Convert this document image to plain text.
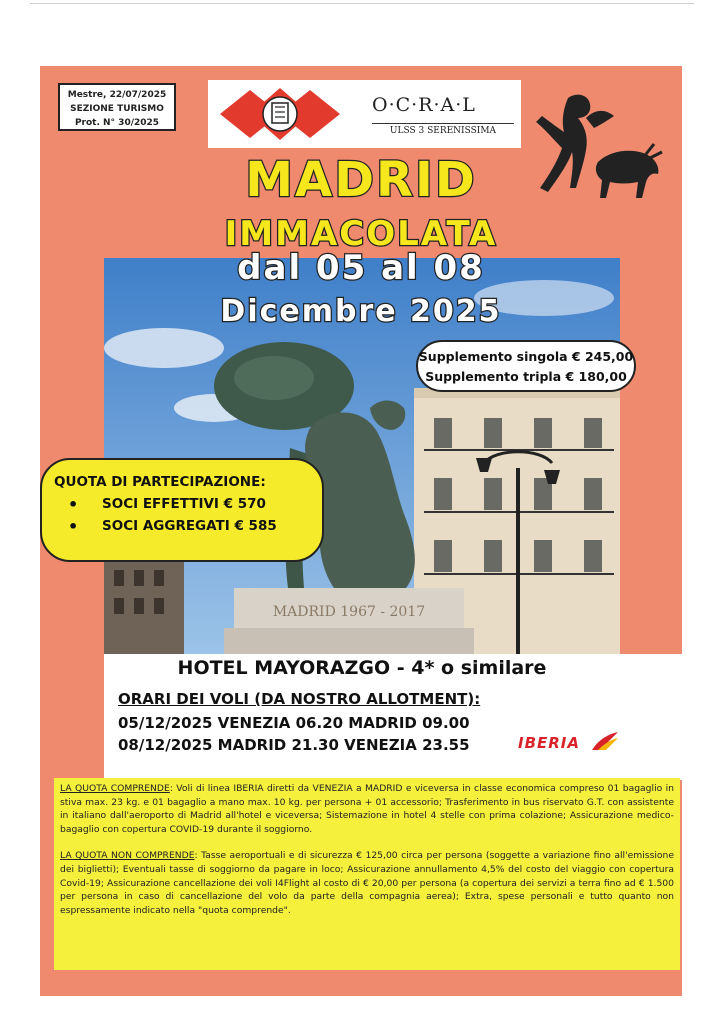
Mestre, 22/07/2025
SEZIONE TURISMO
Prot. N° 30/2025
O·C·R·A·L
ULSS 3 SERENISSIMA
MADRID 1967 - 2017
MADRID
IMMACOLATA
dal 05 al 08
Dicembre 2025
Supplemento singola € 245,00
Supplemento tripla € 180,00
QUOTA DI PARTECIPAZIONE:
• SOCI EFFETTIVI € 570
• SOCI AGGREGATI € 585
HOTEL MAYORAZGO - 4* o similare
ORARI DEI VOLI (DA NOSTRO ALLOTMENT):
05/12/2025 VENEZIA 06.20 MADRID 09.00
08/12/2025 MADRID 21.30 VENEZIA 23.55	IBERIA

LA QUOTA COMPRENDE: Voli di linea IBERIA diretti da VENEZIA a MADRID e viceversa in classe economica compreso 01 bagaglio in stiva max. 23 kg. e 01 bagaglio a mano max. 10 kg. per persona + 01 accessorio; Trasferimento in bus riservato G.T. con assistente in italiano dall'aeroporto di Madrid all'hotel e viceversa; Sistemazione in hotel 4 stelle con prima colazione; Assicurazione medico-bagaglio con copertura COVID-19 durante il soggiorno.

LA QUOTA NON COMPRENDE: Tasse aeroportuali e di sicurezza € 125,00 circa per persona (soggette a variazione fino all'emissione dei biglietti); Eventuali tasse di soggiorno da pagare in loco; Assicurazione annullamento 4,5% del costo del viaggio con copertura Covid-19; Assicurazione cancellazione dei voli I4Flight al costo di € 20,00 per persona (a copertura dei servizi a terra fino ad € 1.500 per persona in caso di cancellazione del volo da parte della compagnia aerea); Extra, spese personali e tutto quanto non espressamente indicato nella "quota comprende".
